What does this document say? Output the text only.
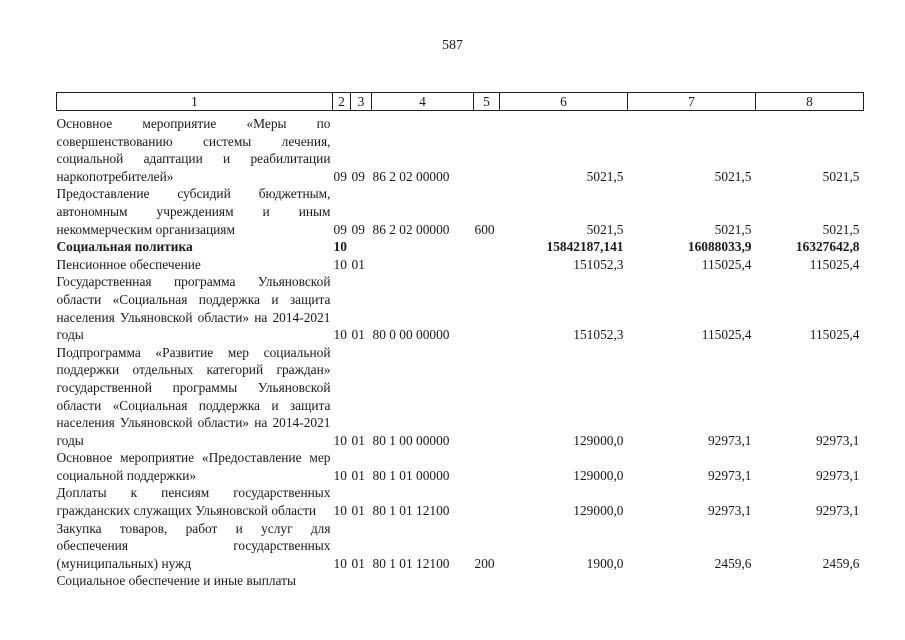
587
1	2	3	4	5	6	7	8

Основное мероприятие «Меры по совершенствованию системы лечения, социальной адаптации и реабилитации наркопотребителей»	09	09	86 2 02 00000		5021,5	5021,5	5021,5
Предоставление субсидий бюджетным, автономным учреждениям и иным некоммерческим организациям	09	09	86 2 02 00000	600	5021,5	5021,5	5021,5
Социальная политика	10				15842187,141	16088033,9	16327642,8
Пенсионное обеспечение	10	01			151052,3	115025,4	115025,4
Государственная программа Ульяновской области «Социальная поддержка и защита населения Ульяновской области» на 2014-2021 годы	10	01	80 0 00 00000		151052,3	115025,4	115025,4
Подпрограмма «Развитие мер социальной поддержки отдельных категорий граждан» государственной программы Ульяновской области «Социальная поддержка и защита населения Ульяновской области» на 2014-2021 годы	10	01	80 1 00 00000		129000,0	92973,1	92973,1
Основное мероприятие «Предоставление мер социальной поддержки»	10	01	80 1 01 00000		129000,0	92973,1	92973,1
Доплаты к пенсиям государственных гражданских служащих Ульяновской области	10	01	80 1 01 12100		129000,0	92973,1	92973,1
Закупка товаров, работ и услуг для обеспечения государственных (муниципальных) нужд	10	01	80 1 01 12100	200	1900,0	2459,6	2459,6
Социальное обеспечение и иные выплаты							
